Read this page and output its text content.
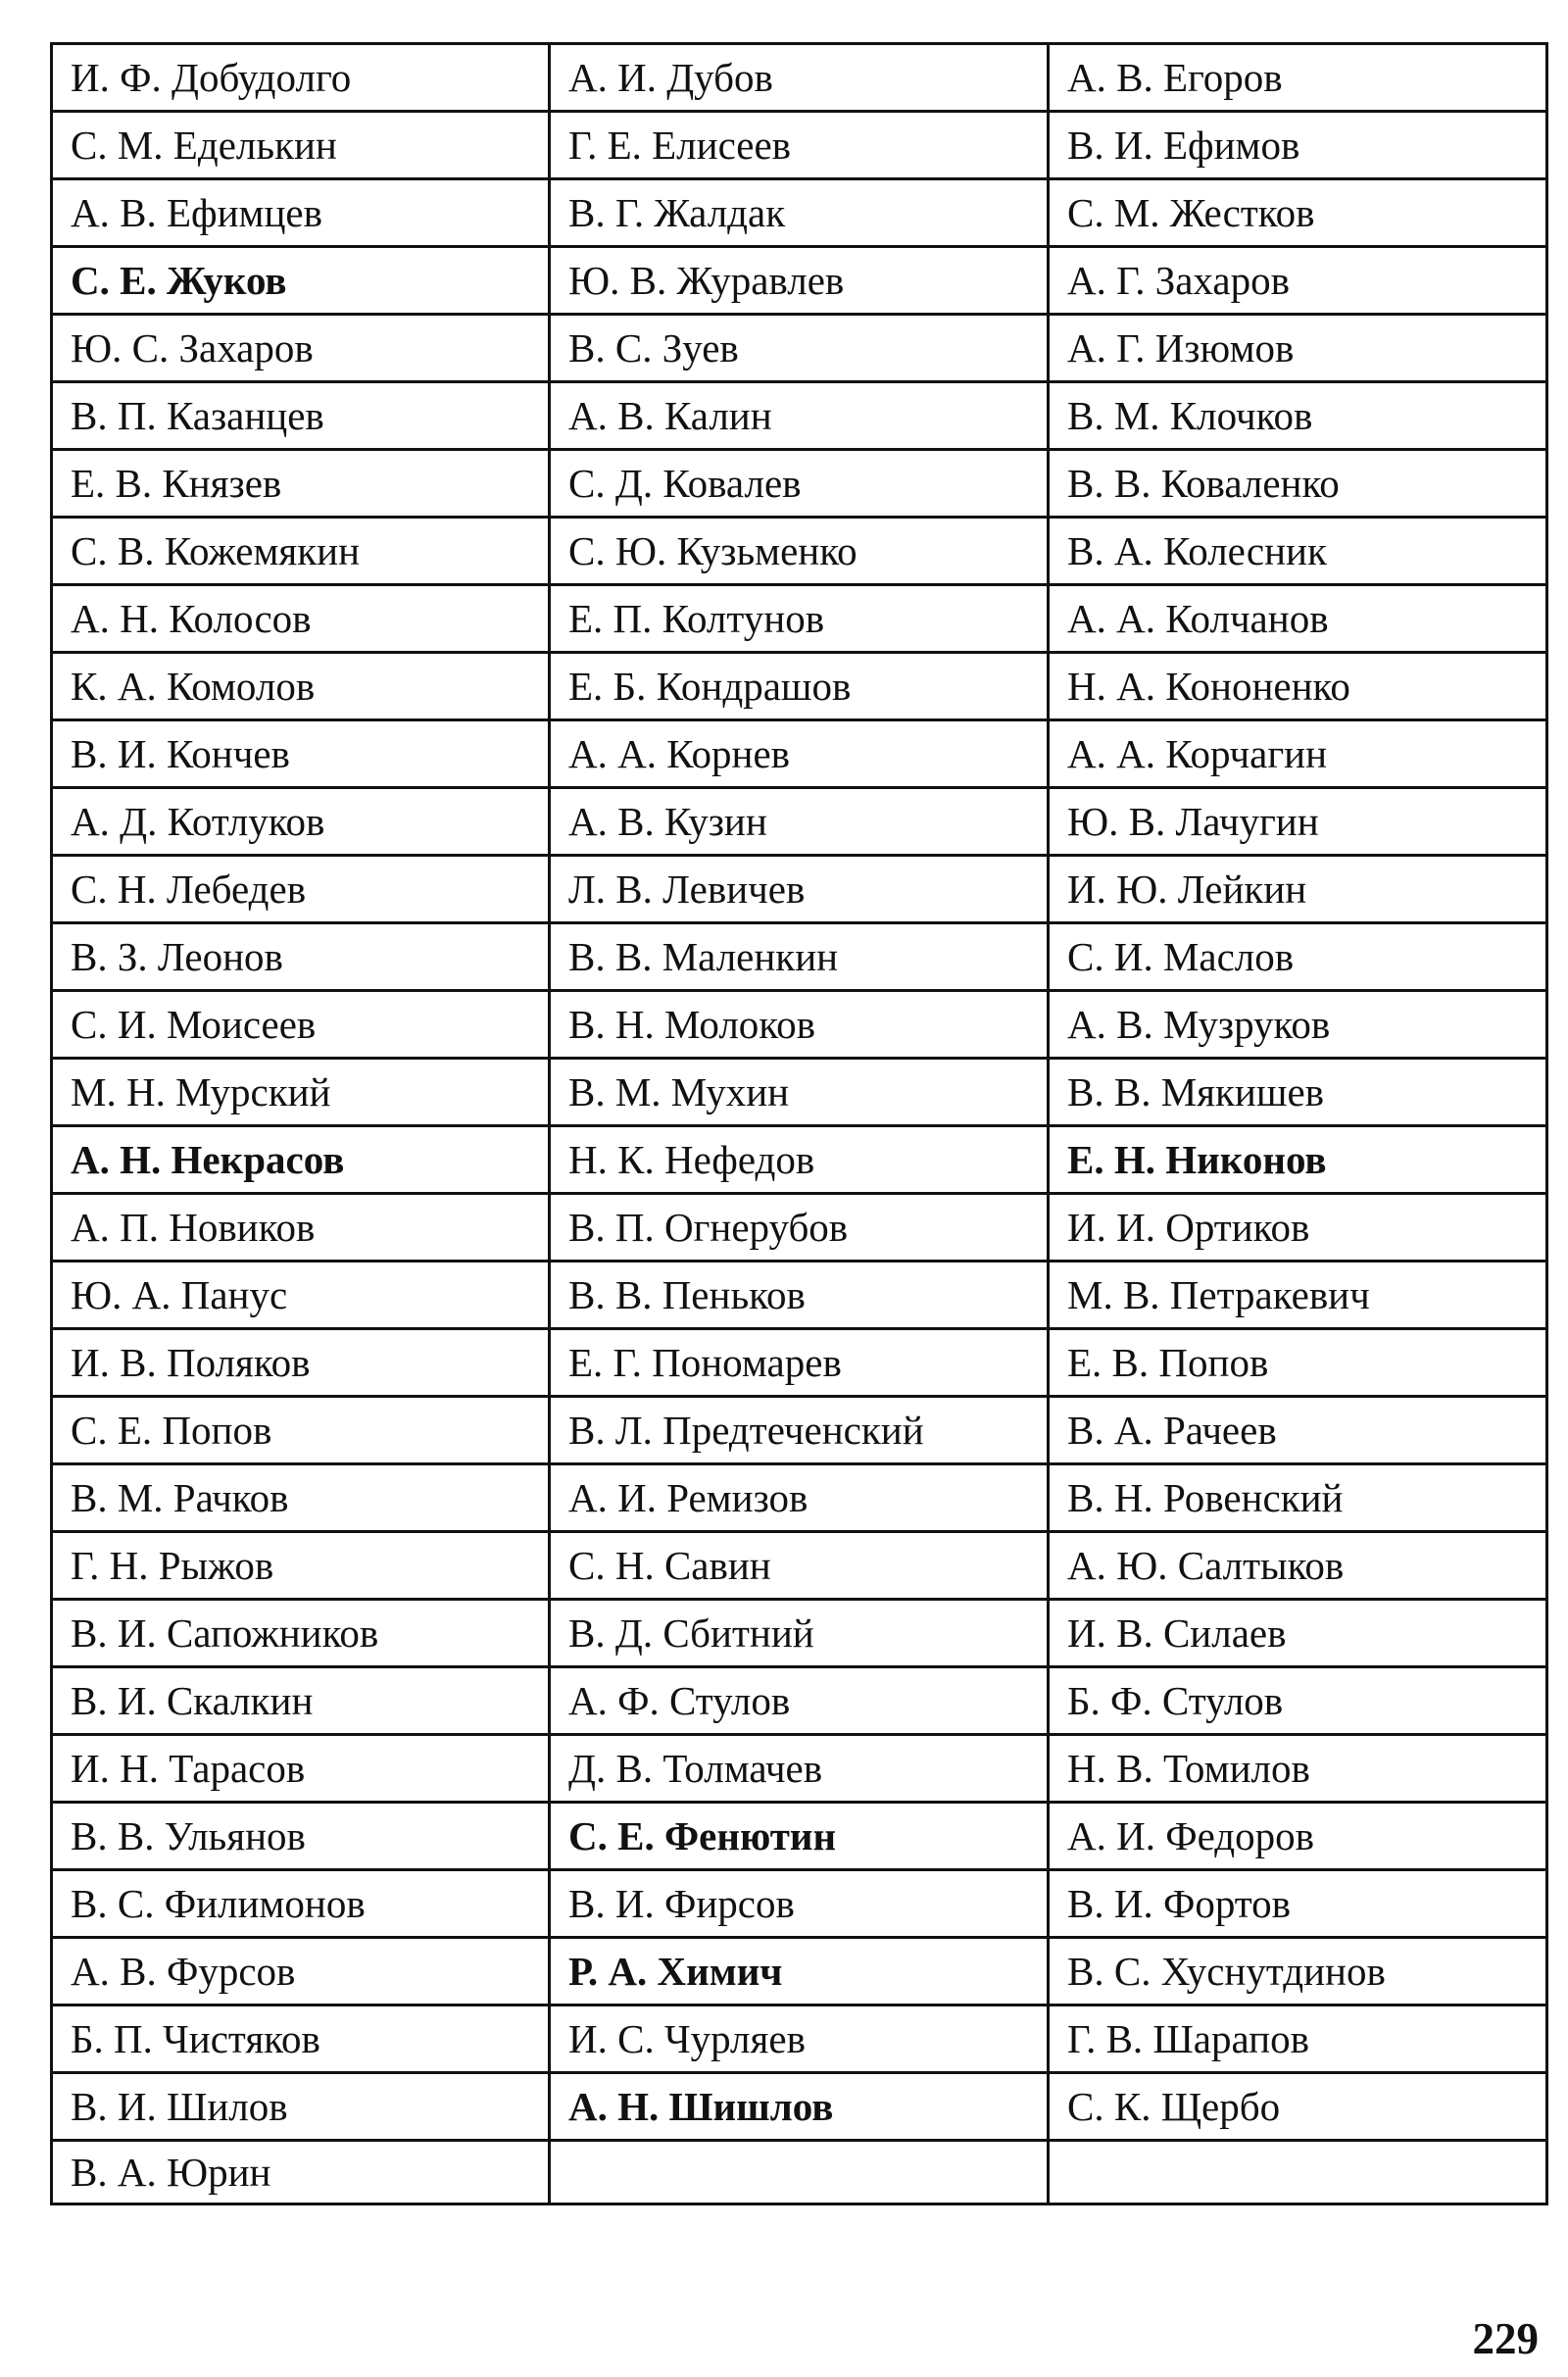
И. Ф. Добудолго	А. И. Дубов	А. В. Егоров
С. М. Еделькин	Г. Е. Елисеев	В. И. Ефимов
А. В. Ефимцев	В. Г. Жалдак	С. М. Жестков
С. Е. Жуков	Ю. В. Журавлев	А. Г. Захаров
Ю. С. Захаров	В. С. Зуев	А. Г. Изюмов
В. П. Казанцев	А. В. Калин	В. М. Клочков
Е. В. Князев	С. Д. Ковалев	В. В. Коваленко
С. В. Кожемякин	С. Ю. Кузьменко	В. А. Колесник
А. Н. Колосов	Е. П. Колтунов	А. А. Колчанов
К. А. Комолов	Е. Б. Кондрашов	Н. А. Кононенко
В. И. Кончев	А. А. Корнев	А. А. Корчагин
А. Д. Котлуков	А. В. Кузин	Ю. В. Лачугин
С. Н. Лебедев	Л. В. Левичев	И. Ю. Лейкин
В. З. Леонов	В. В. Маленкин	С. И. Маслов
С. И. Моисеев	В. Н. Молоков	А. В. Музруков
М. Н. Мурский	В. М. Мухин	В. В. Мякишев
А. Н. Некрасов	Н. К. Нефедов	Е. Н. Никонов
А. П. Новиков	В. П. Огнерубов	И. И. Ортиков
Ю. А. Панус	В. В. Пеньков	М. В. Петракевич
И. В. Поляков	Е. Г. Пономарев	Е. В. Попов
С. Е. Попов	В. Л. Предтеченский	В. А. Рачеев
В. М. Рачков	А. И. Ремизов	В. Н. Ровенский
Г. Н. Рыжов	С. Н. Савин	А. Ю. Салтыков
В. И. Сапожников	В. Д. Сбитний	И. В. Силаев
В. И. Скалкин	А. Ф. Стулов	Б. Ф. Стулов
И. Н. Тарасов	Д. В. Толмачев	Н. В. Томилов
В. В. Ульянов	С. Е. Фенютин	А. И. Федоров
В. С. Филимонов	В. И. Фирсов	В. И. Фортов
А. В. Фурсов	Р. А. Химич	В. С. Хуснутдинов
Б. П. Чистяков	И. С. Чурляев	Г. В. Шарапов
В. И. Шилов	А. Н. Шишлов	С. К. Щербо
В. А. Юрин		
229
